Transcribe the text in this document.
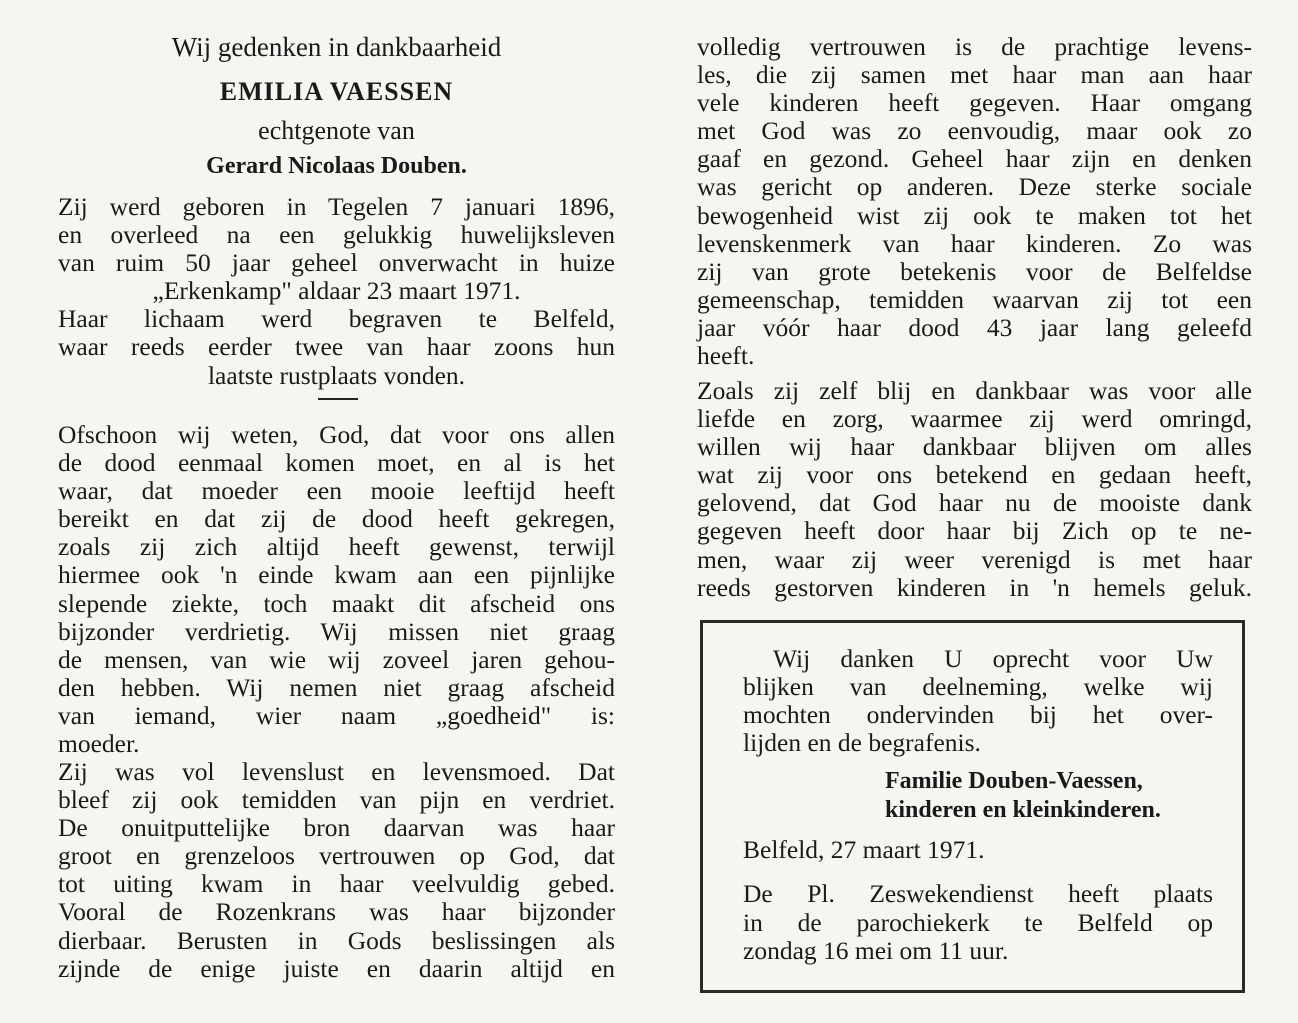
Wij gedenken in dankbaarheid
EMILIA VAESSEN
echtgenote van
Gerard Nicolaas Douben.
Zij werd geboren in Tegelen 7 januari 1896,
en overleed na een gelukkig huwelijksleven
van ruim 50 jaar geheel onverwacht in huize
„Erkenkamp" aldaar 23 maart 1971.
Haar lichaam werd begraven te Belfeld,
waar reeds eerder twee van haar zoons hun
laatste rustplaats vonden.
Ofschoon wij weten, God, dat voor ons allen
de dood eenmaal komen moet, en al is het
waar, dat moeder een mooie leeftijd heeft
bereikt en dat zij de dood heeft gekregen,
zoals zij zich altijd heeft gewenst, terwijl
hiermee ook 'n einde kwam aan een pijnlijke
slepende ziekte, toch maakt dit afscheid ons
bijzonder verdrietig. Wij missen niet graag
de mensen, van wie wij zoveel jaren gehou-
den hebben. Wij nemen niet graag afscheid
van iemand, wier naam „goedheid" is:
moeder.
Zij was vol levenslust en levensmoed. Dat
bleef zij ook temidden van pijn en verdriet.
De onuitputtelijke bron daarvan was haar
groot en grenzeloos vertrouwen op God, dat
tot uiting kwam in haar veelvuldig gebed.
Vooral de Rozenkrans was haar bijzonder
dierbaar. Berusten in Gods beslissingen als
zijnde de enige juiste en daarin altijd en
volledig vertrouwen is de prachtige levens-
les, die zij samen met haar man aan haar
vele kinderen heeft gegeven. Haar omgang
met God was zo eenvoudig, maar ook zo
gaaf en gezond. Geheel haar zijn en denken
was gericht op anderen. Deze sterke sociale
bewogenheid wist zij ook te maken tot het
levenskenmerk van haar kinderen. Zo was
zij van grote betekenis voor de Belfeldse
gemeenschap, temidden waarvan zij tot een
jaar vóór haar dood 43 jaar lang geleefd
heeft.
Zoals zij zelf blij en dankbaar was voor alle
liefde en zorg, waarmee zij werd omringd,
willen wij haar dankbaar blijven om alles
wat zij voor ons betekend en gedaan heeft,
gelovend, dat God haar nu de mooiste dank
gegeven heeft door haar bij Zich op te ne-
men, waar zij weer verenigd is met haar
reeds gestorven kinderen in 'n hemels geluk.
Wij danken U oprecht voor Uw
blijken van deelneming, welke wij
mochten ondervinden bij het over-
lijden en de begrafenis.
Familie Douben-Vaessen,
kinderen en kleinkinderen.
Belfeld, 27 maart 1971.
De Pl. Zeswekendienst heeft plaats
in de parochiekerk te Belfeld op
zondag 16 mei om 11 uur.
